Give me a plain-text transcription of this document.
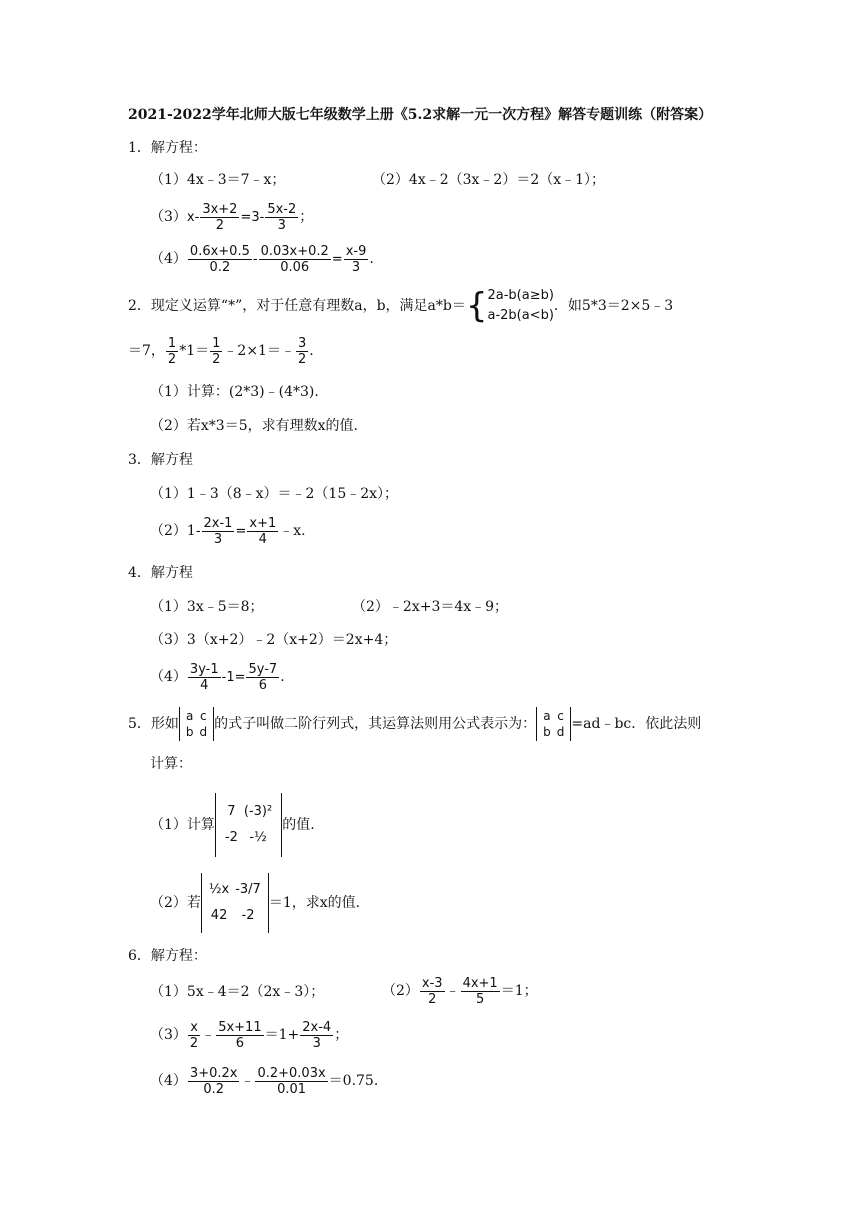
2021-2022学年北师大版七年级数学上册《5.2求解一元一次方程》解答专题训练（附答案）
1．解方程：
（1）4x﹣3＝7﹣x；	（2）4x﹣2（3x﹣2）＝2（x﹣1）；
$(3)x- \frac{3x+2}{2} =3- \frac{5x-2}{3}$ ；
$(4) \frac{0.6x+0.5}{0.2} - \frac{0.03x+0.2}{0.06} = \frac{x-9}{3}$ .
2．现定义运算“*”，对于任意有理数a，b，满足a*b＝ { 2a-b(a≥b)
a-2b(a<b)
．如5*3＝2×5﹣3
＝7， $\frac{1}{2} *1= \frac{1}{2}$ ﹣2×1＝﹣ $\frac{3}{2}$ .
（1）计算：(2*3)﹣(4*3).
（2）若x*3＝5，求有理数x的值.
3．解方程
（1）1﹣3（8﹣x）＝﹣2（15﹣2x）；
$(2)1- \frac{2x-1}{3} = \frac{x+1}{4}$ ﹣x.
4．解方程
（1）3x﹣5＝8；	（2）﹣2x+3＝4x﹣9；
（3）3（x+2）﹣2（x+2）＝2x+4；
$(4) \frac{3y-1}{4} -1= \frac{5y-7}{6}$ .
5．形如 a	c
b	d 的式子叫做二阶行列式，其运算法则用公式表示为： a	c
b	d =ad﹣bc．依此法则
计算：
（1）计算
7	(-3)²
-2	-½
的值.
（2）若
½x	-3/7
42	-2
＝1，求x的值.
6．解方程：
（1）5x﹣4＝2（2x﹣3）；	$(2) \frac{x-3}{2}$ ﹣ $\frac{4x+1}{5} =1$；
$(3) \frac{x}{2}$ ﹣ $\frac{5x+11}{6} =1+ \frac{2x-4}{3}$ ；
$(4) \frac{3+0.2x}{0.2}$ ﹣ $\frac{0.2+0.03x}{0.01} =0.75$.
